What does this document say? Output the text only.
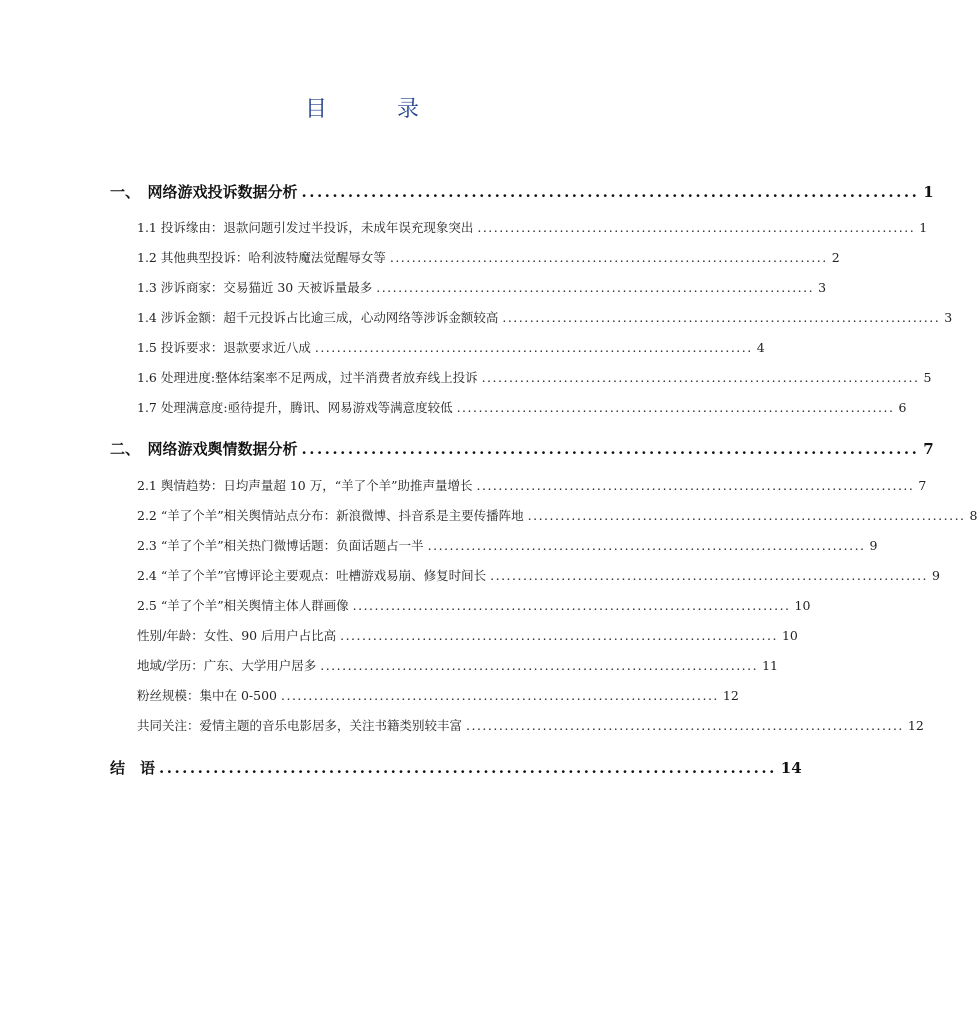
目　录
一、　网络游戏投诉数据分析 ................................................................................ 1
1.1 投诉缘由：退款问题引发过半投诉，未成年误充现象突出 ................................................................................ 1
1.2 其他典型投诉：哈利波特魔法觉醒辱女等 ................................................................................ 2
1.3 涉诉商家：交易猫近 30 天被诉量最多 ................................................................................ 3
1.4 涉诉金额：超千元投诉占比逾三成，心动网络等涉诉金额较高 ................................................................................ 3
1.5 投诉要求：退款要求近八成 ................................................................................ 4
1.6 处理进度:整体结案率不足两成，过半消费者放弃线上投诉 ................................................................................ 5
1.7 处理满意度:亟待提升，腾讯、网易游戏等满意度较低 ................................................................................ 6
二、　网络游戏舆情数据分析 ................................................................................ 7
2.1 舆情趋势：日均声量超 10 万，“羊了个羊”助推声量增长 ................................................................................ 7
2.2 “羊了个羊”相关舆情站点分布：新浪微博、抖音系是主要传播阵地 ................................................................................ 8
2.3 “羊了个羊”相关热门微博话题：负面话题占一半 ................................................................................ 9
2.4 “羊了个羊”官博评论主要观点：吐槽游戏易崩、修复时间长 ................................................................................ 9
2.5 “羊了个羊”相关舆情主体人群画像 ................................................................................ 10
性别/年龄：女性、90 后用户占比高 ................................................................................ 10
地域/学历：广东、大学用户居多 ................................................................................ 11
粉丝规模：集中在 0-500 ................................................................................ 12
共同关注：爱情主题的音乐电影居多，关注书籍类别较丰富 ................................................................................ 12
结　语 ................................................................................ 14
